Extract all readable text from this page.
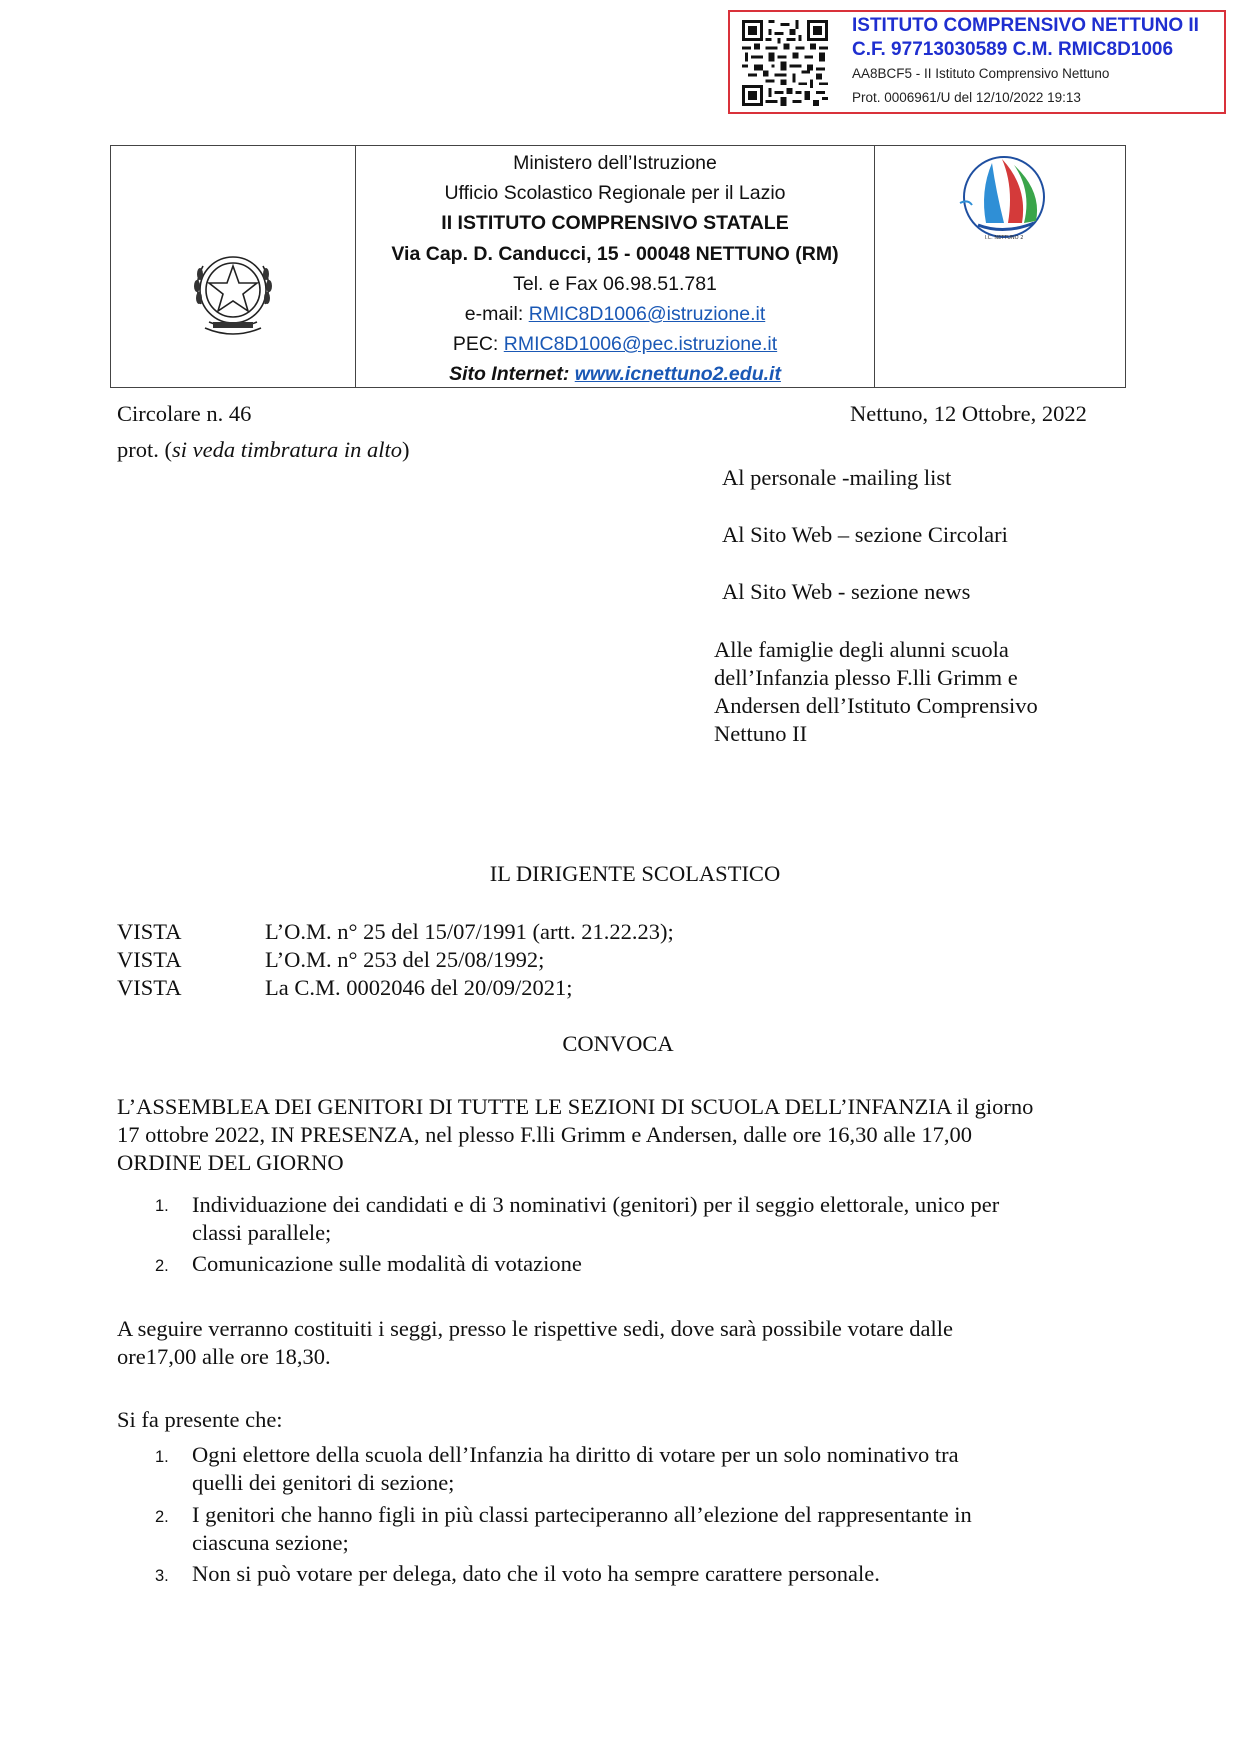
ISTITUTO COMPRENSIVO NETTUNO II
C.F. 97713030589 C.M. RMIC8D1006
AA8BCF5 - II Istituto Comprensivo Nettuno
Prot. 0006961/U del 12/10/2022 19:13
Ministero dell’Istruzione
Ufficio Scolastico Regionale per il Lazio
II ISTITUTO COMPRENSIVO STATALE
Via Cap. D. Canducci, 15 - 00048 NETTUNO (RM)
Tel. e Fax 06.98.51.781
e-mail: RMIC8D1006@istruzione.it
PEC: RMIC8D1006@pec.istruzione.it
Sito Internet: www.icnettuno2.edu.it
I.C. NETTUNO 2
Circolare n. 46	Nettuno, 12 Ottobre, 2022
prot. (si veda timbratura in alto)
Al personale -mailing list
Al Sito Web – sezione Circolari
Al Sito Web - sezione news
Alle famiglie degli alunni scuola
dell’Infanzia plesso F.lli Grimm e
Andersen dell’Istituto Comprensivo
Nettuno II
IL DIRIGENTE SCOLASTICO
VISTA	L’O.M. n° 25 del 15/07/1991 (artt. 21.22.23);
VISTA	L’O.M. n° 253 del 25/08/1992;
VISTA	La C.M. 0002046 del 20/09/2021;
CONVOCA
L’ASSEMBLEA DEI GENITORI DI TUTTE LE SEZIONI DI SCUOLA DELL’INFANZIA il giorno
17 ottobre 2022, IN PRESENZA, nel plesso F.lli Grimm e Andersen, dalle ore 16,30 alle 17,00
ORDINE DEL GIORNO
1. Individuazione dei candidati e di 3 nominativi (genitori) per il seggio elettorale, unico per
classi parallele;
2. Comunicazione sulle modalità di votazione
A seguire verranno costituiti i seggi, presso le rispettive sedi, dove sarà possibile votare dalle
ore17,00 alle ore 18,30.
Si fa presente che:
1. Ogni elettore della scuola dell’Infanzia ha diritto di votare per un solo nominativo tra
quelli dei genitori di sezione;
2. I genitori che hanno figli in più classi parteciperanno all’elezione del rappresentante in
ciascuna sezione;
3. Non si può votare per delega, dato che il voto ha sempre carattere personale.
